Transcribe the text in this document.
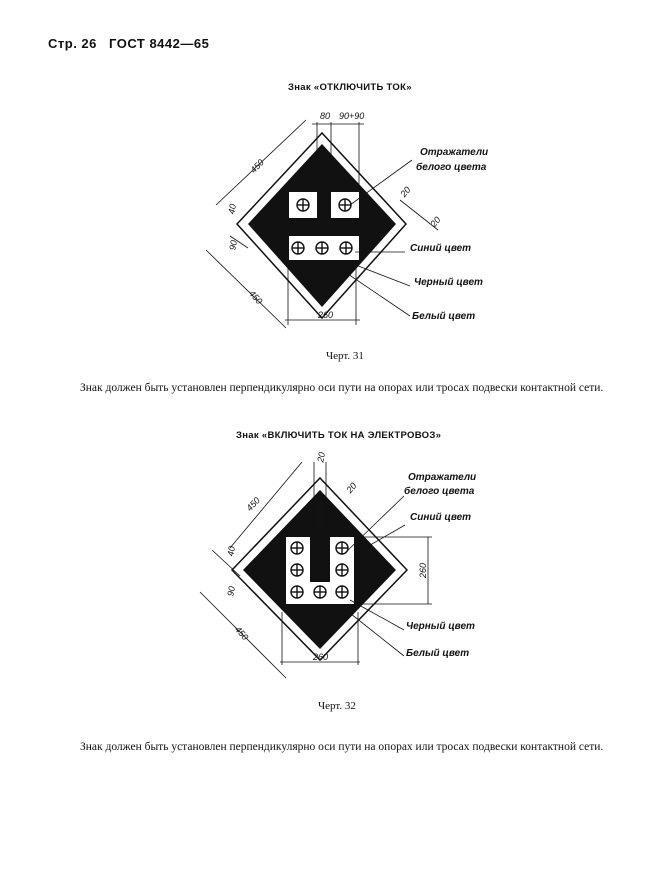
Стр. 26 ГОСТ 8442—65
Знак «ОТКЛЮЧИТЬ ТОК»
80 90+90
450
40
20
20
90
450
260
Отражатели
белого цвета
Синий цвет
Черный цвет
Белый цвет
Черт. 31
Знак должен быть установлен перпендикулярно оси пути на опорах или тросах подвески контактной сети.
Знак «ВКЛЮЧИТЬ ТОК НА ЭЛЕКТРОВОЗ»
20
20
450
40
90
260
450
260
Отражатели
белого цвета
Синий цвет
Черный цвет
Белый цвет
Черт. 32
Знак должен быть установлен перпендикулярно оси пути на опорах или тросах подвески контактной сети.
